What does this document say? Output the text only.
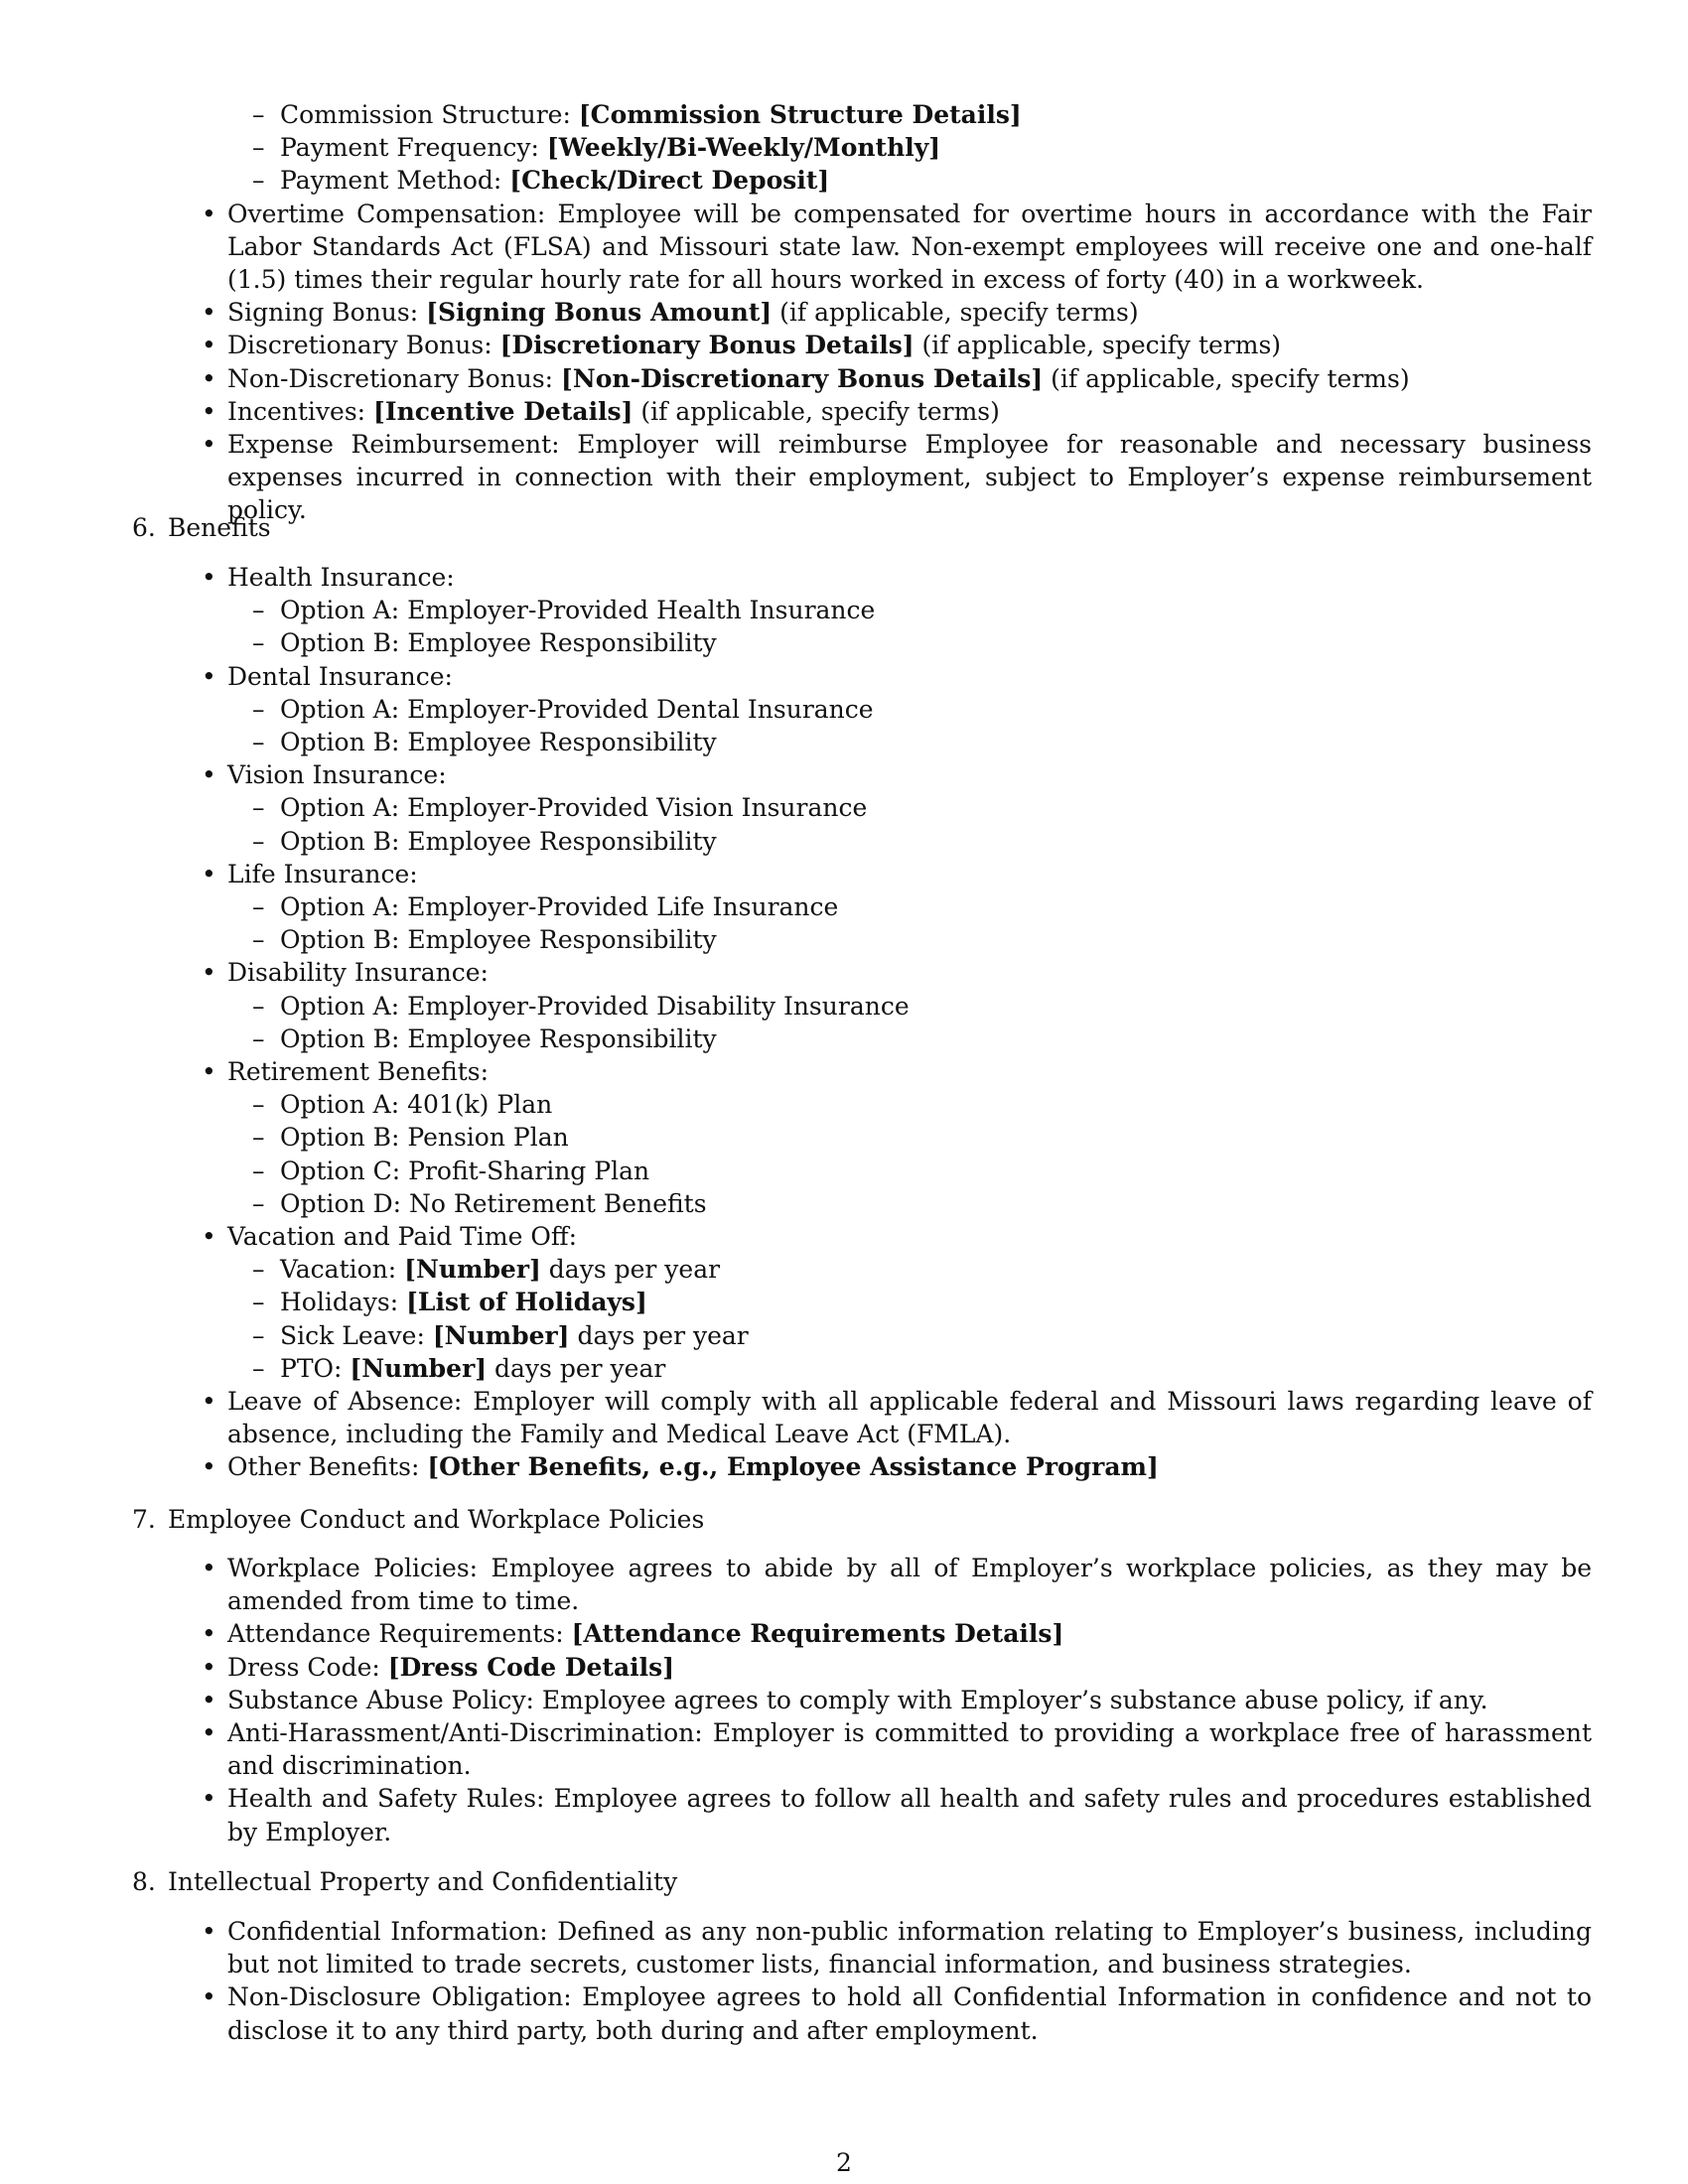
– Commission Structure: [Commission Structure Details]
– Payment Frequency: [Weekly/Bi-Weekly/Monthly]
– Payment Method: [Check/Direct Deposit]
• Overtime Compensation: Employee will be compensated for overtime hours in accordance with the Fair Labor Standards Act (FLSA) and Missouri state law. Non-exempt employees will receive one and one-half (1.5) times their regular hourly rate for all hours worked in excess of forty (40) in a workweek.
• Signing Bonus: [Signing Bonus Amount] (if applicable, specify terms)
• Discretionary Bonus: [Discretionary Bonus Details] (if applicable, specify terms)
• Non-Discretionary Bonus: [Non-Discretionary Bonus Details] (if applicable, specify terms)
• Incentives: [Incentive Details] (if applicable, specify terms)
• Expense Reimbursement: Employer will reimburse Employee for reasonable and necessary business expenses incurred in connection with their employment, subject to Employer’s expense reimbursement policy.
6. Benefits
• Health Insurance:
– Option A: Employer-Provided Health Insurance
– Option B: Employee Responsibility
• Dental Insurance:
– Option A: Employer-Provided Dental Insurance
– Option B: Employee Responsibility
• Vision Insurance:
– Option A: Employer-Provided Vision Insurance
– Option B: Employee Responsibility
• Life Insurance:
– Option A: Employer-Provided Life Insurance
– Option B: Employee Responsibility
• Disability Insurance:
– Option A: Employer-Provided Disability Insurance
– Option B: Employee Responsibility
• Retirement Benefits:
– Option A: 401(k) Plan
– Option B: Pension Plan
– Option C: Profit-Sharing Plan
– Option D: No Retirement Benefits
• Vacation and Paid Time Off:
– Vacation: [Number] days per year
– Holidays: [List of Holidays]
– Sick Leave: [Number] days per year
– PTO: [Number] days per year
• Leave of Absence: Employer will comply with all applicable federal and Missouri laws regarding leave of absence, including the Family and Medical Leave Act (FMLA).
• Other Benefits: [Other Benefits, e.g., Employee Assistance Program]
7. Employee Conduct and Workplace Policies
• Workplace Policies: Employee agrees to abide by all of Employer’s workplace policies, as they may be amended from time to time.
• Attendance Requirements: [Attendance Requirements Details]
• Dress Code: [Dress Code Details]
• Substance Abuse Policy: Employee agrees to comply with Employer’s substance abuse policy, if any.
• Anti-Harassment/Anti-Discrimination: Employer is committed to providing a workplace free of harassment and discrimination.
• Health and Safety Rules: Employee agrees to follow all health and safety rules and procedures established by Employer.
8. Intellectual Property and Confidentiality
• Confidential Information: Defined as any non-public information relating to Employer’s business, including but not limited to trade secrets, customer lists, financial information, and business strategies.
• Non-Disclosure Obligation: Employee agrees to hold all Confidential Information in confidence and not to disclose it to any third party, both during and after employment.
2
